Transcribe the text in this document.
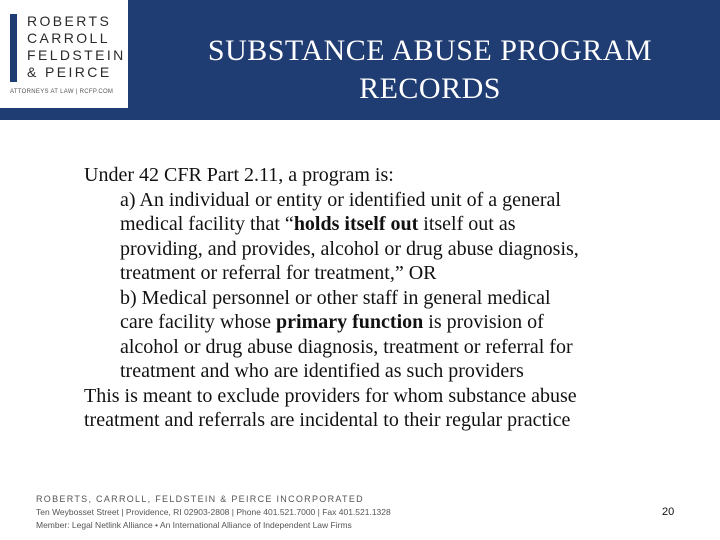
ROBERTS
CARROLL
FELDSTEIN
& PEIRCE
ATTORNEYS AT LAW | RCFP.COM
SUBSTANCE ABUSE PROGRAM
RECORDS

Under 42 CFR Part 2.11, a program is:

a) An individual or entity or identified unit of a general

medical facility that “holds itself out itself out as

providing, and provides, alcohol or drug abuse diagnosis,

treatment or referral for treatment,” OR

b) Medical personnel or other staff in general medical

care facility whose primary function is provision of

alcohol or drug abuse diagnosis, treatment or referral for

treatment and who are identified as such providers

This is meant to exclude providers for whom substance abuse

treatment and referrals are incidental to their regular practice

ROBERTS, CARROLL, FELDSTEIN & PEIRCE INCORPORATED
Ten Weybosset Street | Providence, RI 02903-2808 | Phone 401.521.7000 | Fax 401.521.1328
Member: Legal Netlink Alliance • An International Alliance of Independent Law Firms
20
